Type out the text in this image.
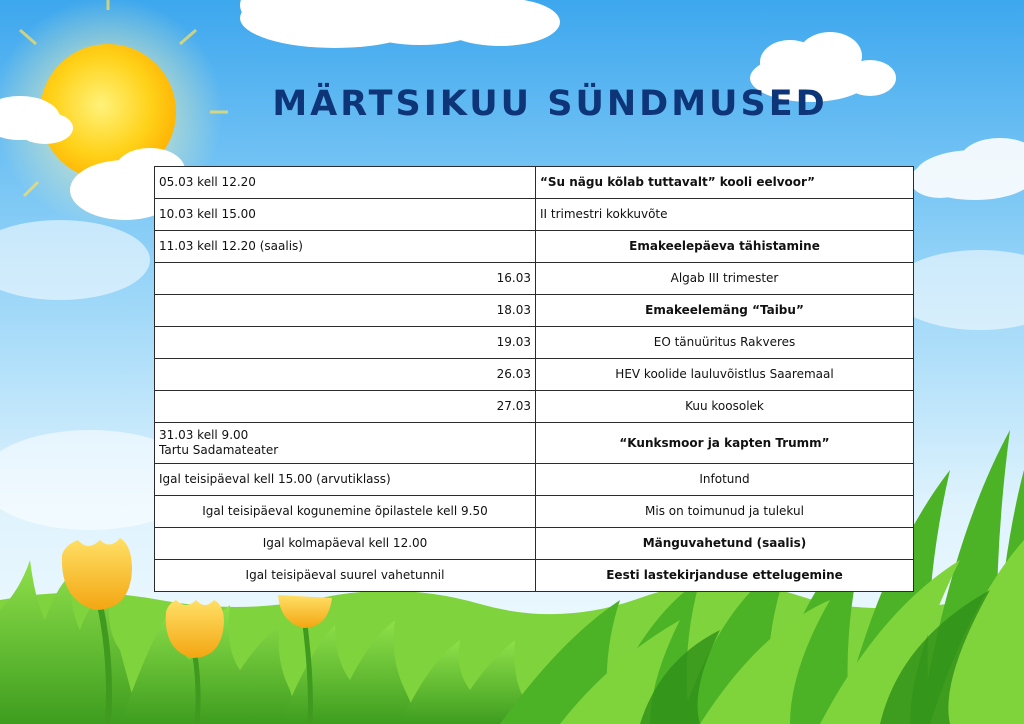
MÄRTSIKUU SÜNDMUSED
05.03 kell 12.20	“Su nägu kõlab tuttavalt” kooli eelvoor”
10.03 kell 15.00	II trimestri kokkuvõte
11.03 kell 12.20 (saalis)	Emakeelepäeva tähistamine
16.03	Algab III trimester
18.03	Emakeelemäng “Taibu”
19.03	EO tänuüritus Rakveres
26.03	HEV koolide lauluvõistlus Saaremaal
27.03	Kuu koosolek

31.03 kell 9.00
Tartu Sadamateater	“Kunksmoor ja kapten Trumm”
Igal teisipäeval kell 15.00 (arvutiklass)	Infotund
Igal teisipäeval kogunemine õpilastele kell 9.50	Mis on toimunud ja tulekul
Igal kolmapäeval kell 12.00	Mänguvahetund (saalis)
Igal teisipäeval suurel vahetunnil	Eesti lastekirjanduse ettelugemine
